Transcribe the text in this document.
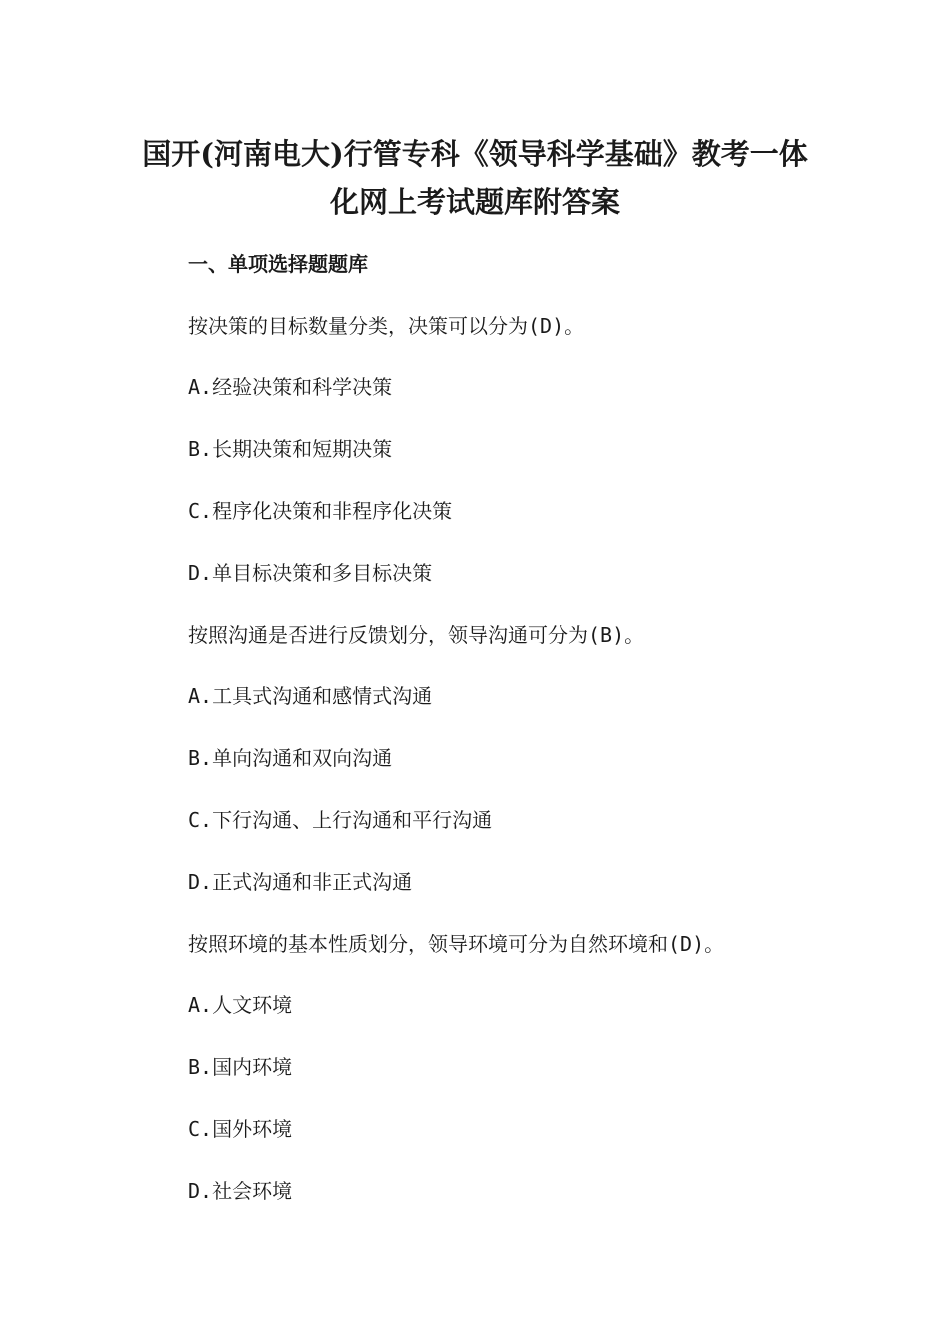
国开(河南电大)行管专科《领导科学基础》教考一体
化网上考试题库附答案
一、单项选择题题库
按决策的目标数量分类，决策可以分为(D)。
A.经验决策和科学决策
B.长期决策和短期决策
C.程序化决策和非程序化决策
D.单目标决策和多目标决策
按照沟通是否进行反馈划分，领导沟通可分为(B)。
A.工具式沟通和感情式沟通
B.单向沟通和双向沟通
C.下行沟通、上行沟通和平行沟通
D.正式沟通和非正式沟通
按照环境的基本性质划分，领导环境可分为自然环境和(D)。
A.人文环境
B.国内环境
C.国外环境
D.社会环境
